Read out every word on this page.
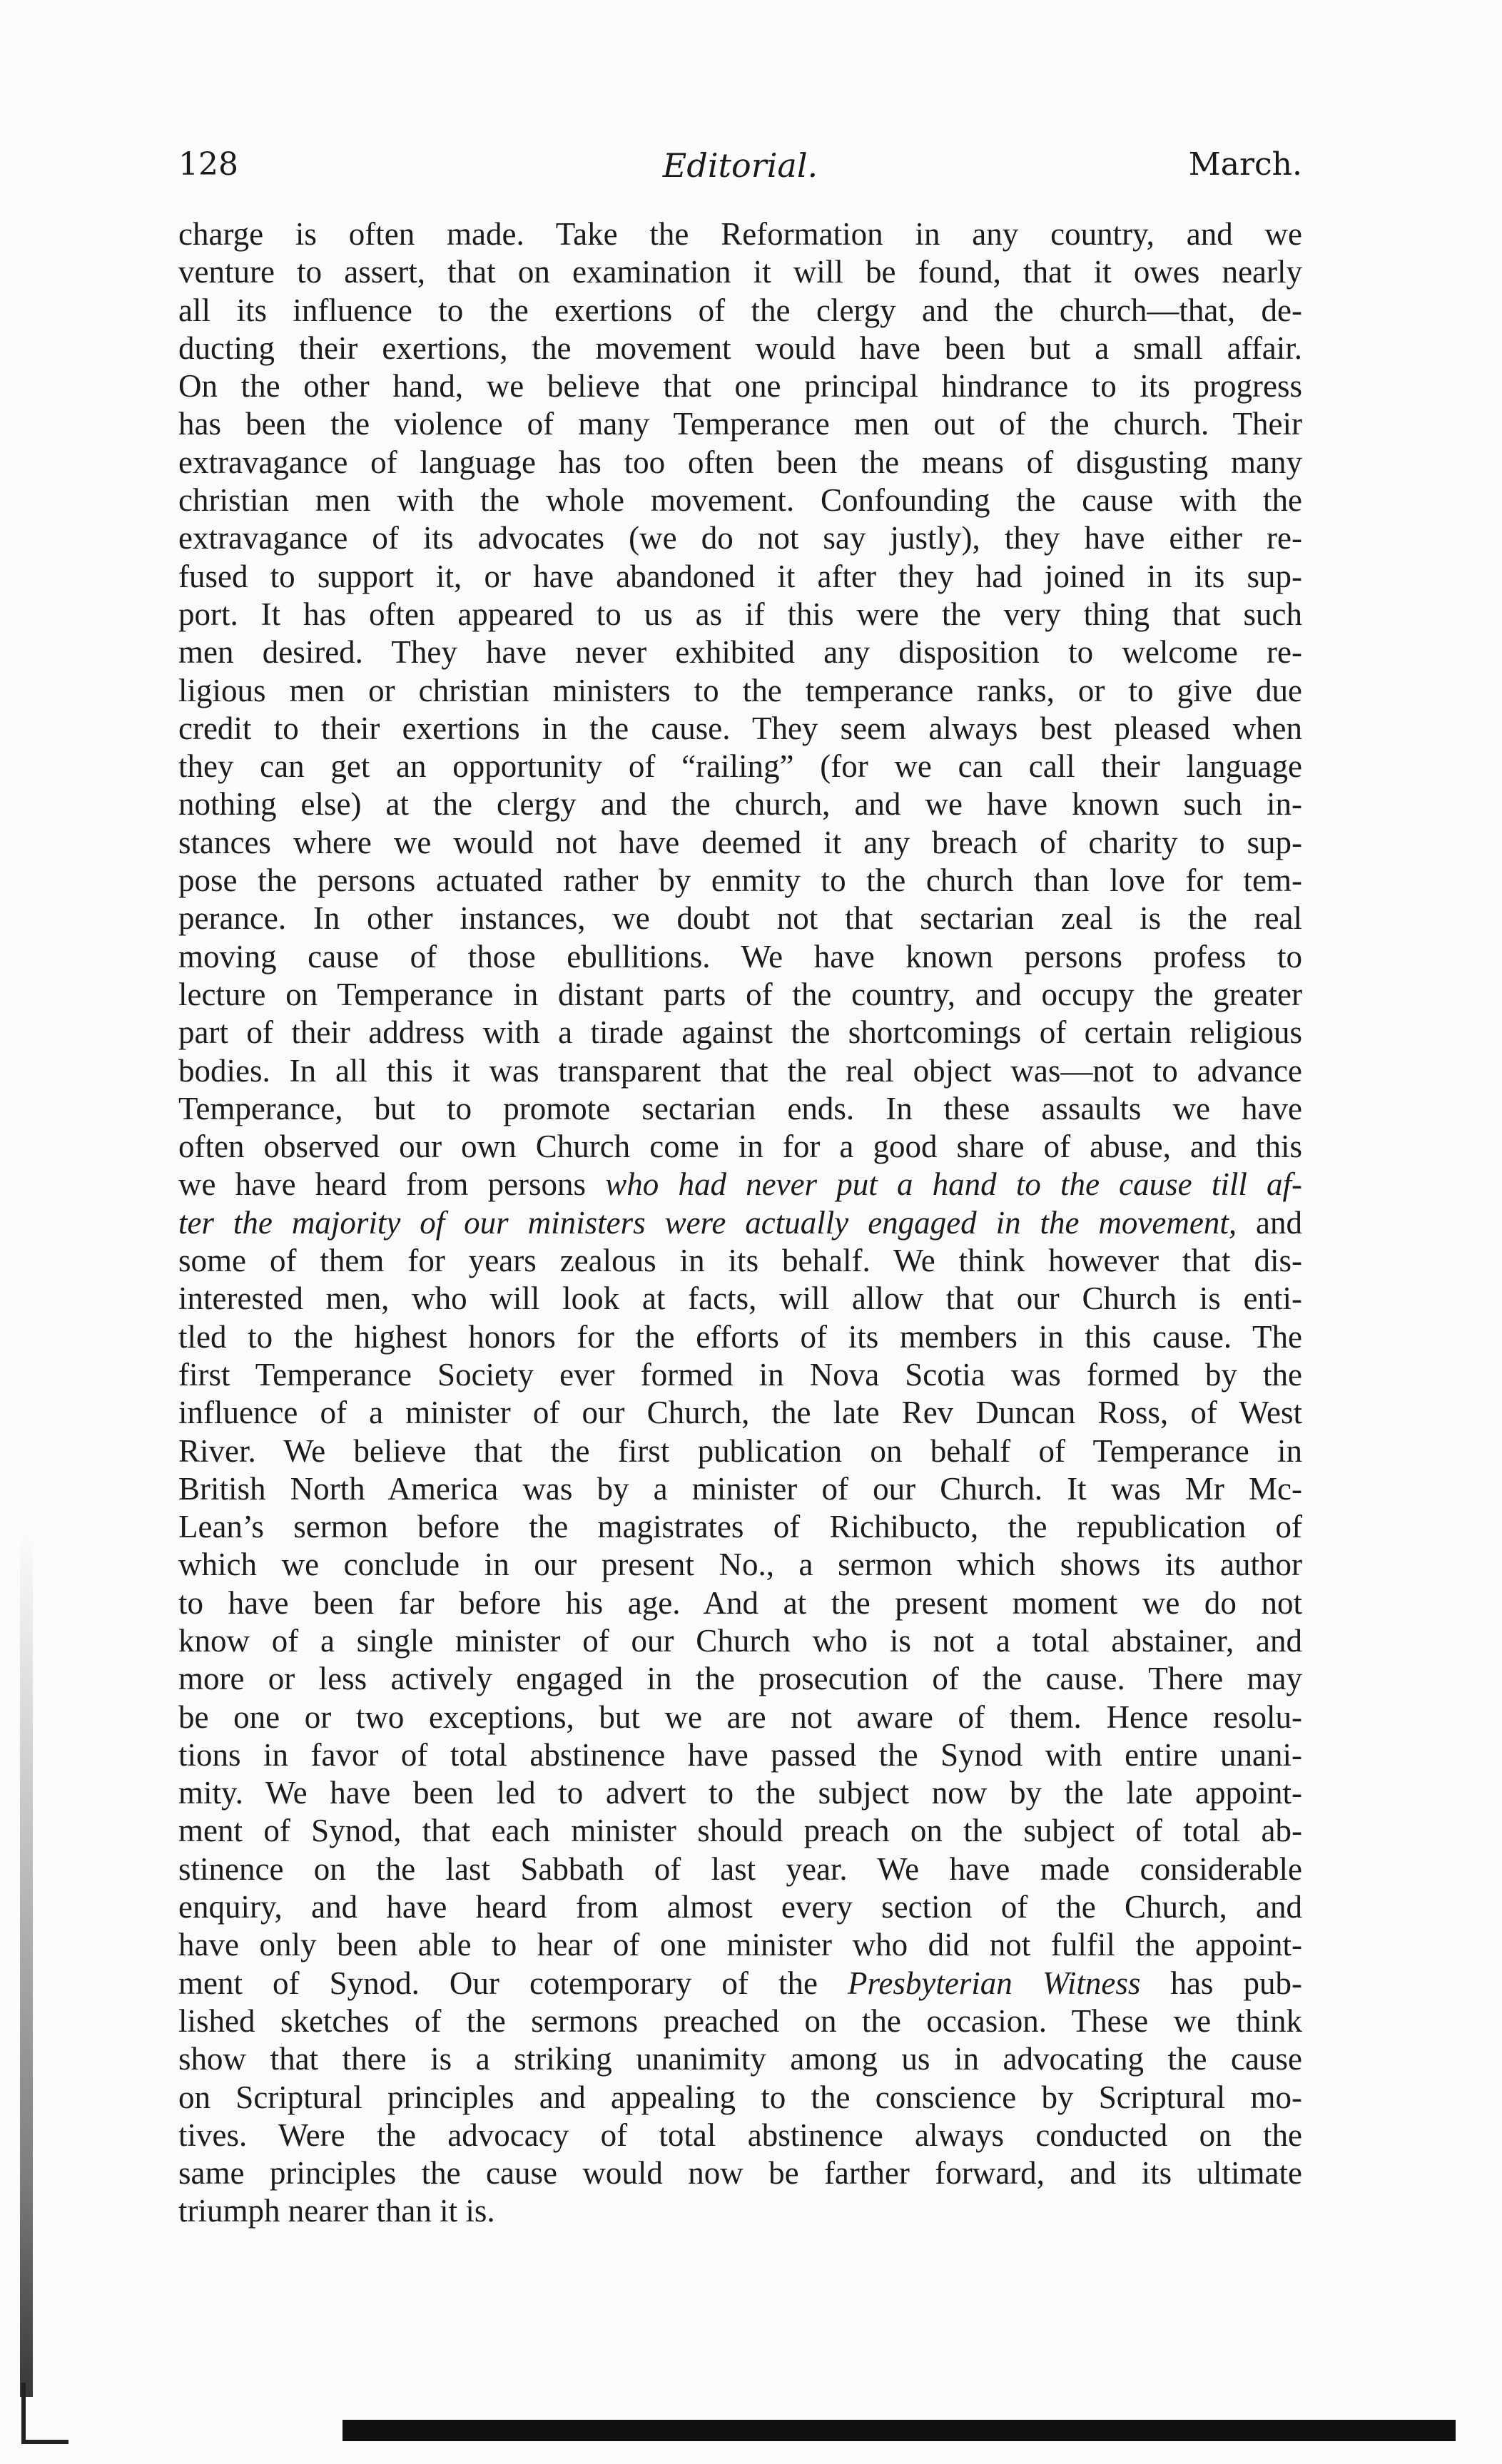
128	Editorial.	March.
charge is often made. Take the Reformation in any country, and we
venture to assert, that on examination it will be found, that it owes nearly
all its influence to the exertions of the clergy and the church—that, de-
ducting their exertions, the movement would have been but a small affair.
On the other hand, we believe that one principal hindrance to its progress
has been the violence of many Temperance men out of the church. Their
extravagance of language has too often been the means of disgusting many
christian men with the whole movement. Confounding the cause with the
extravagance of its advocates (we do not say justly), they have either re-
fused to support it, or have abandoned it after they had joined in its sup-
port. It has often appeared to us as if this were the very thing that such
men desired. They have never exhibited any disposition to welcome re-
ligious men or christian ministers to the temperance ranks, or to give due
credit to their exertions in the cause. They seem always best pleased when
they can get an opportunity of “railing” (for we can call their language
nothing else) at the clergy and the church, and we have known such in-
stances where we would not have deemed it any breach of charity to sup-
pose the persons actuated rather by enmity to the church than love for tem-
perance. In other instances, we doubt not that sectarian zeal is the real
moving cause of those ebullitions. We have known persons profess to
lecture on Temperance in distant parts of the country, and occupy the greater
part of their address with a tirade against the shortcomings of certain religious
bodies. In all this it was transparent that the real object was—not to advance
Temperance, but to promote sectarian ends. In these assaults we have
often observed our own Church come in for a good share of abuse, and this
we have heard from persons who had never put a hand to the cause till af-
ter the majority of our ministers were actually engaged in the movement, and
some of them for years zealous in its behalf. We think however that dis-
interested men, who will look at facts, will allow that our Church is enti-
tled to the highest honors for the efforts of its members in this cause. The
first Temperance Society ever formed in Nova Scotia was formed by the
influence of a minister of our Church, the late Rev Duncan Ross, of West
River. We believe that the first publication on behalf of Temperance in
British North America was by a minister of our Church. It was Mr Mc-
Lean’s sermon before the magistrates of Richibucto, the republication of
which we conclude in our present No., a sermon which shows its author
to have been far before his age. And at the present moment we do not
know of a single minister of our Church who is not a total abstainer, and
more or less actively engaged in the prosecution of the cause. There may
be one or two exceptions, but we are not aware of them. Hence resolu-
tions in favor of total abstinence have passed the Synod with entire unani-
mity. We have been led to advert to the subject now by the late appoint-
ment of Synod, that each minister should preach on the subject of total ab-
stinence on the last Sabbath of last year. We have made considerable
enquiry, and have heard from almost every section of the Church, and
have only been able to hear of one minister who did not fulfil the appoint-
ment of Synod. Our cotemporary of the Presbyterian Witness has pub-
lished sketches of the sermons preached on the occasion. These we think
show that there is a striking unanimity among us in advocating the cause
on Scriptural principles and appealing to the conscience by Scriptural mo-
tives. Were the advocacy of total abstinence always conducted on the
same principles the cause would now be farther forward, and its ultimate
triumph nearer than it is.
